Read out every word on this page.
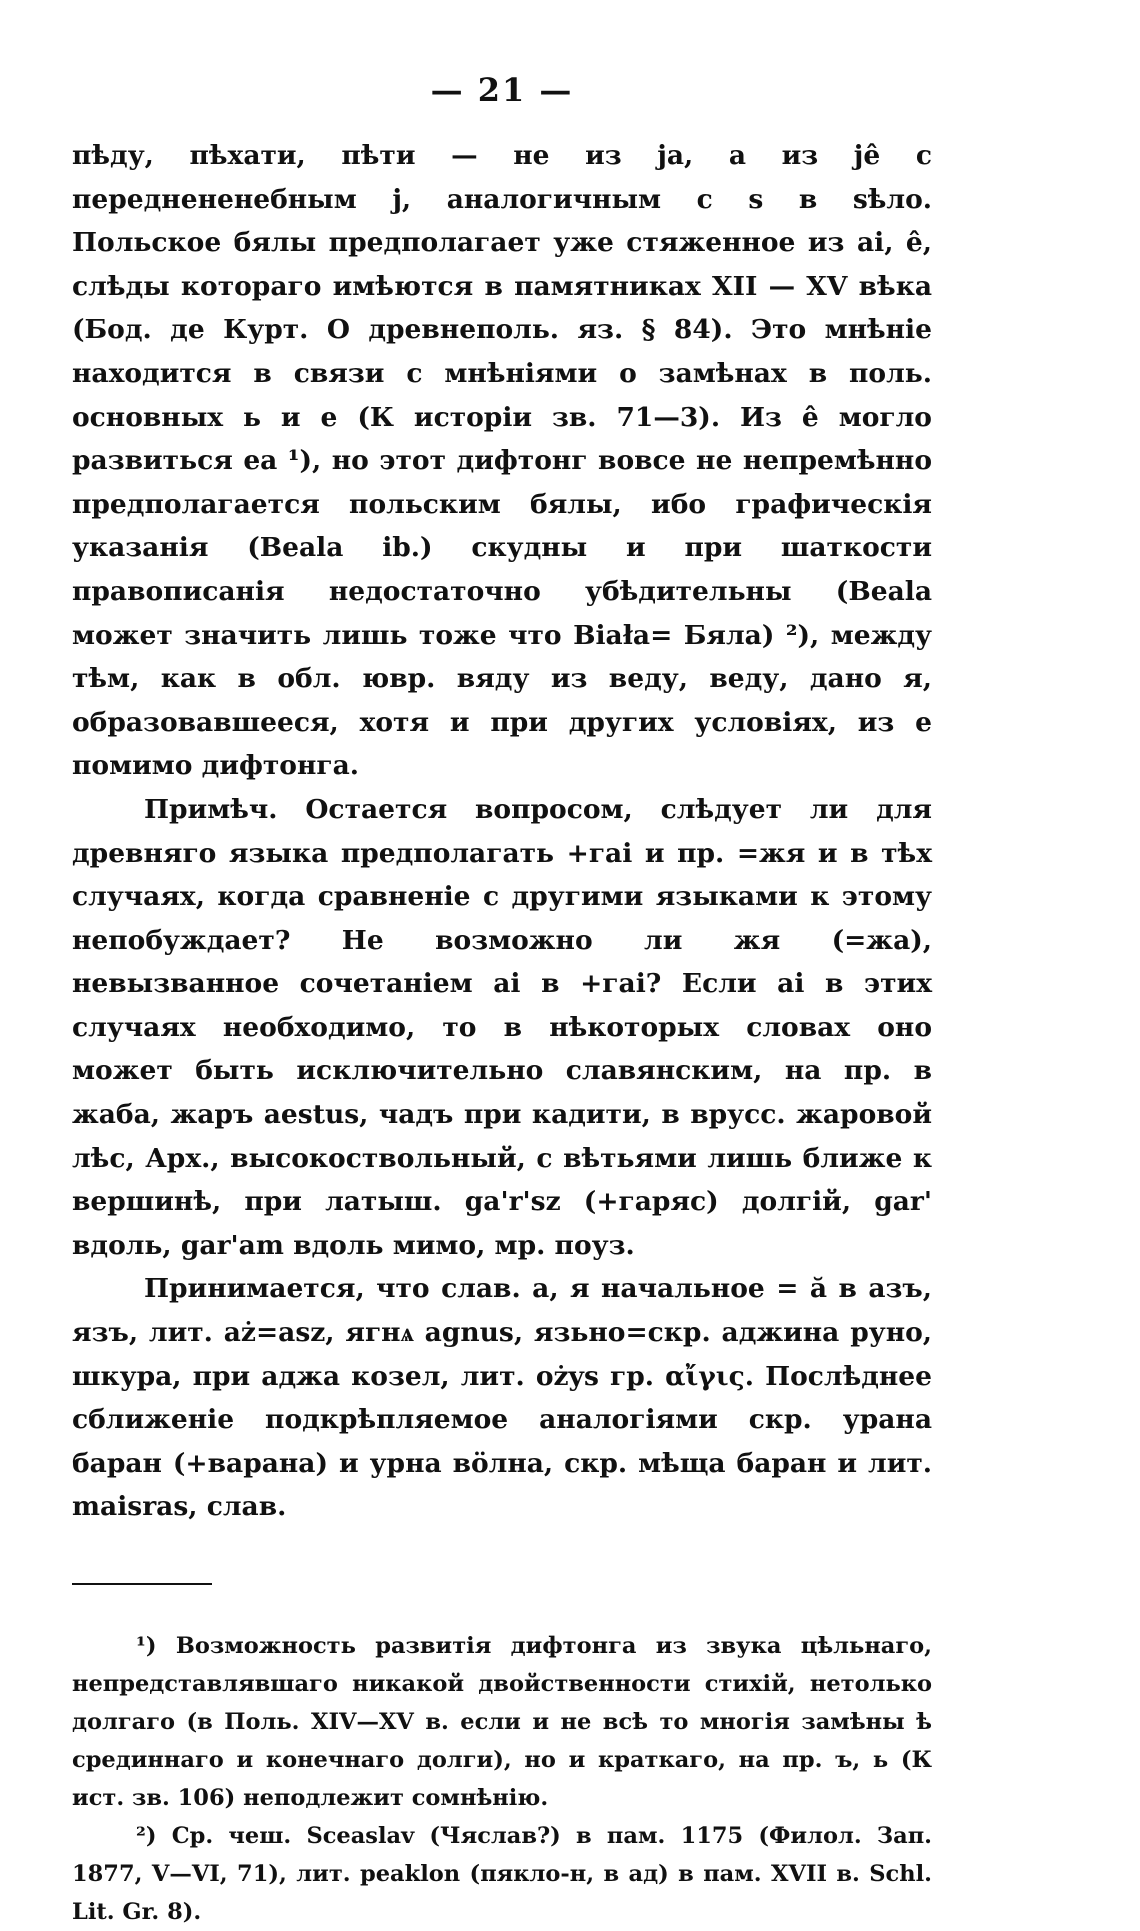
— 21 —

пѣду, пѣхати, пѣти — не из ja, а из jê с переднененебным j, аналогичным с s в sѣло. Польское бялы предполагает уже стяженное из ai, ê, слѣды котораго имѣются в памятниках XII — XV вѣка (Бод. де Курт. О древнеполь. яз. § 84). Это мнѣніе находится в связи с мнѣніями о замѣнах в поль. основных ь и е (К исторіи зв. 71—3). Из ê могло развиться ea ¹), но этот дифтонг вовсе не непремѣнно предполагается польским бялы, ибо графическія указанія (Beala ib.) скудны и при шаткости правописанія недостаточно убѣдительны (Beala может значить лишь тоже что Biała= Бяла) ²), между тѣм, как в обл. ювр. вяду из веду, веду, дано я, образовавшееся, хотя и при других условіях, из е помимо дифтонга.

Примѣч. Остается вопросом, слѣдует ли для древняго языка предполагать +гаі и пр. =жя и в тѣх случаях, когда сравненіе с другими языками к этому непобуждает? Не возможно ли жя (=жа), невызванное сочетаніем ai в +гаі? Если ai в этих случаях необходимо, то в нѣкоторых словах оно может быть исключительно славянским, на пр. в жаба, жаръ aestus, чадъ при кадити, в врусс. жаровой лѣс, Арх., высокоствольный, с вѣтьями лишь ближе к вершинѣ, при латыш. ga'r'sz (+гаряс) долгій, gar' вдоль, gar'am вдоль мимо, мр. поуз.

Принимается, что слав. а, я начальное = ă в азъ, язъ, лит. aż=asz, ягнѧ agnus, язьно=скр. аджина руно, шкура, при аджа козел, лит. ożys гр. αἴγις. Послѣднее сближеніе подкрѣпляемое аналогіями скр. урана баран (+варана) и урна вӧлна, скр. мѣща баран и лит. maisras, слав.

¹) Возможность развитія дифтонга из звука цѣльнаго, непредставлявшаго никакой двойственности стихій, нетолько долгаго (в Поль. XIV—XV в. если и не всѣ то многія замѣны ѣ срединнаго и конечнаго долги), но и краткаго, на пр. ъ, ь (К ист. зв. 106) неподлежит сомнѣнію.

²) Ср. чеш. Sceaslav (Чяслав?) в пам. 1175 (Филол. Зап. 1877, V—VI, 71), лит. peaklon (пякло-н, в ад) в пам. XVII в. Schl. Lit. Gr. 8).
